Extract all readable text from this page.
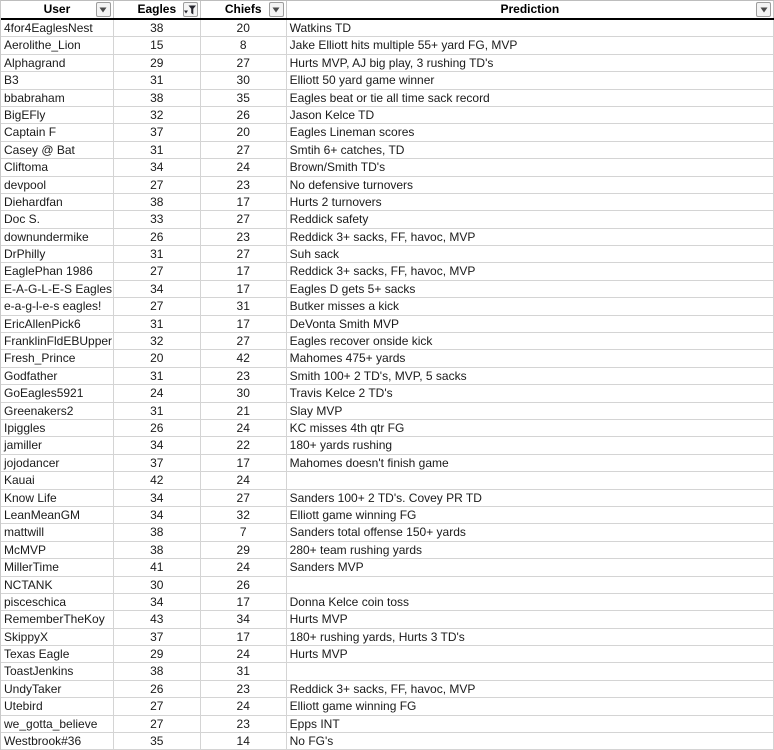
User	Eagles	Chiefs	Prediction
4for4EaglesNest	38	20	Watkins TD
Aerolithe_Lion	15	8	Jake Elliott hits multiple 55+ yard FG, MVP
Alphagrand	29	27	Hurts MVP, AJ big play, 3 rushing TD's
B3	31	30	Elliott 50 yard game winner
bbabraham	38	35	Eagles beat or tie all time sack record
BigEFly	32	26	Jason Kelce TD
Captain F	37	20	Eagles Lineman scores
Casey @ Bat	31	27	Smtih 6+ catches, TD
Cliftoma	34	24	Brown/Smith TD's
devpool	27	23	No defensive turnovers
Diehardfan	38	17	Hurts 2 turnovers
Doc S.	33	27	Reddick safety
downundermike	26	23	Reddick 3+ sacks, FF, havoc, MVP
DrPhilly	31	27	Suh sack
EaglePhan 1986	27	17	Reddick 3+ sacks, FF, havoc, MVP
E-A-G-L-E-S Eagles	34	17	Eagles D gets 5+ sacks
e-a-g-l-e-s eagles!	27	31	Butker misses a kick
EricAllenPick6	31	17	DeVonta Smith MVP
FranklinFldEBUpper	32	27	Eagles recover onside kick
Fresh_Prince	20	42	Mahomes 475+ yards
Godfather	31	23	Smith 100+ 2 TD's, MVP, 5 sacks
GoEagles5921	24	30	Travis Kelce 2 TD's
Greenakers2	31	21	Slay MVP
Ipiggles	26	24	KC misses 4th qtr FG
jamiller	34	22	180+ yards rushing
jojodancer	37	17	Mahomes doesn't finish game
Kauai	42	24
Know Life	34	27	Sanders 100+ 2 TD's. Covey PR TD
LeanMeanGM	34	32	Elliott game winning FG
mattwill	38	7	Sanders total offense 150+ yards
McMVP	38	29	280+ team rushing yards
MillerTime	41	24	Sanders MVP
NCTANK	30	26
pisceschica	34	17	Donna Kelce coin toss
RememberTheKoy	43	34	Hurts MVP
SkippyX	37	17	180+ rushing yards, Hurts 3 TD's
Texas Eagle	29	24	Hurts MVP
ToastJenkins	38	31
UndyTaker	26	23	Reddick 3+ sacks, FF, havoc, MVP
Utebird	27	24	Elliott game winning FG
we_gotta_believe	27	23	Epps INT
Westbrook#36	35	14	No FG's
